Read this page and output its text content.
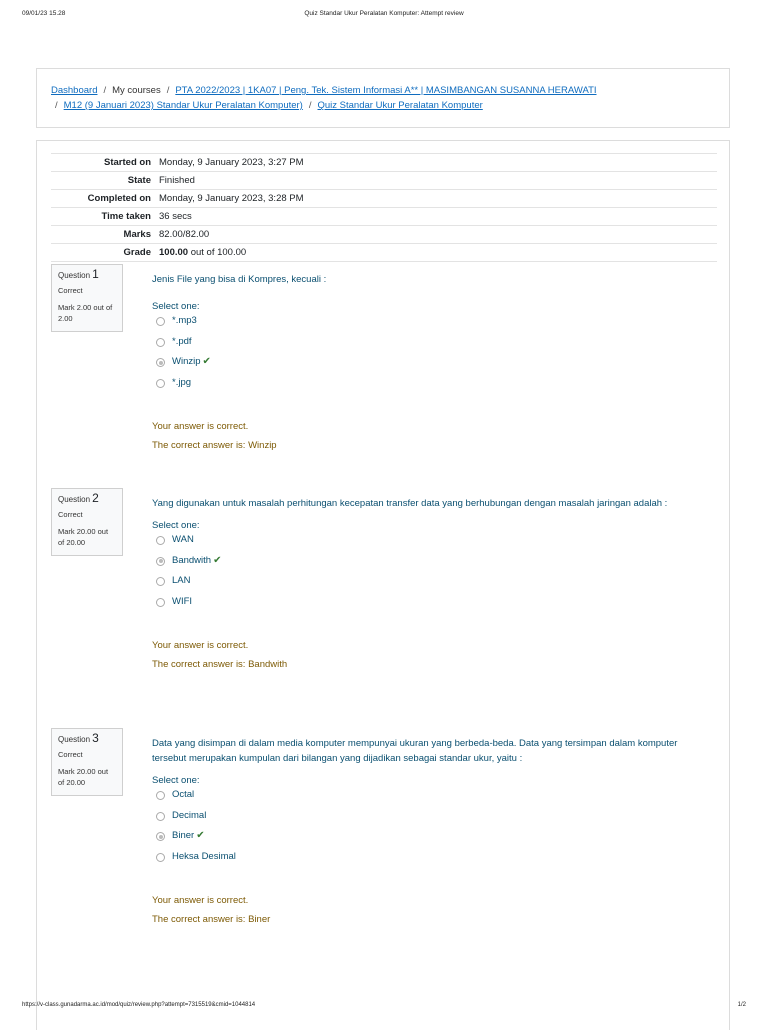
09/01/23 15.28	Quiz Standar Ukur Peralatan Komputer: Attempt review
Dashboard / My courses / PTA 2022/2023 | 1KA07 | Peng. Tek. Sistem Informasi A** | MASIMBANGAN SUSANNA HERAWATI
/ M12 (9 Januari 2023) Standar Ukur Peralatan Komputer) / Quiz Standar Ukur Peralatan Komputer
Started on	Monday, 9 January 2023, 3:27 PM
State	Finished
Completed on	Monday, 9 January 2023, 3:28 PM
Time taken	36 secs
Marks	82.00/82.00
Grade	100.00 out of 100.00
Question 1
Correct
Mark 2.00 out of 2.00
Jenis File yang bisa di Kompres, kecuali :
Select one:
*.mp3
*.pdf
Winzip ✔
*.jpg
Your answer is correct.
The correct answer is: Winzip
Question 2
Correct
Mark 20.00 out of 20.00
Yang digunakan untuk masalah perhitungan kecepatan transfer data yang berhubungan dengan masalah jaringan adalah :
Select one:
WAN
Bandwith ✔
LAN
WIFI
Your answer is correct.
The correct answer is: Bandwith
Question 3
Correct
Mark 20.00 out of 20.00
Data yang disimpan di dalam media komputer mempunyai ukuran yang berbeda-beda. Data yang tersimpan dalam komputer tersebut merupakan kumpulan dari bilangan yang dijadikan sebagai standar ukur, yaitu :
Select one:
Octal
Decimal
Biner ✔
Heksa Desimal
Your answer is correct.
The correct answer is: Biner
https://v-class.gunadarma.ac.id/mod/quiz/review.php?attempt=7315519&cmid=1044814	1/2
